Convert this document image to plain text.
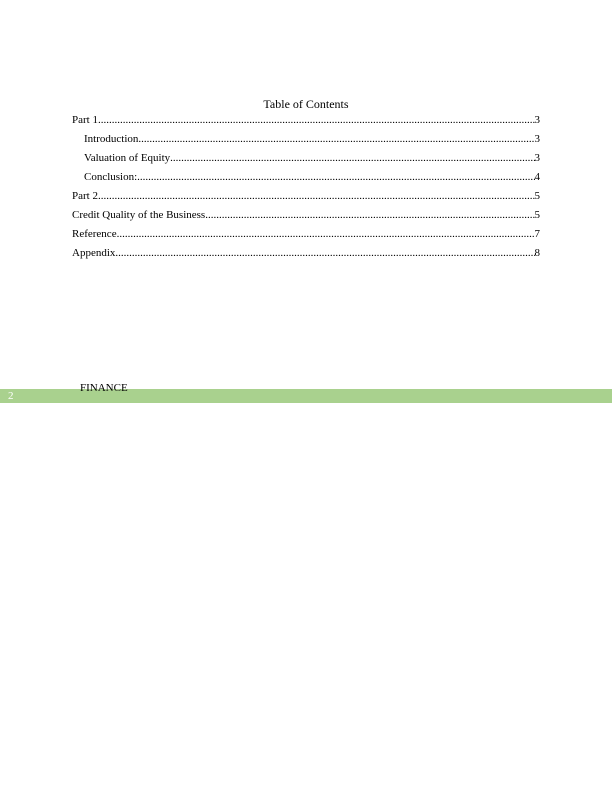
Table of Contents
Part 1 .....	3
Introduction .....	3
Valuation of Equity .....	3
Conclusion: .....	4
Part 2 .....	5
Credit Quality of the Business .....	5
Reference .....	7
Appendix .....	8
2
FINANCE
